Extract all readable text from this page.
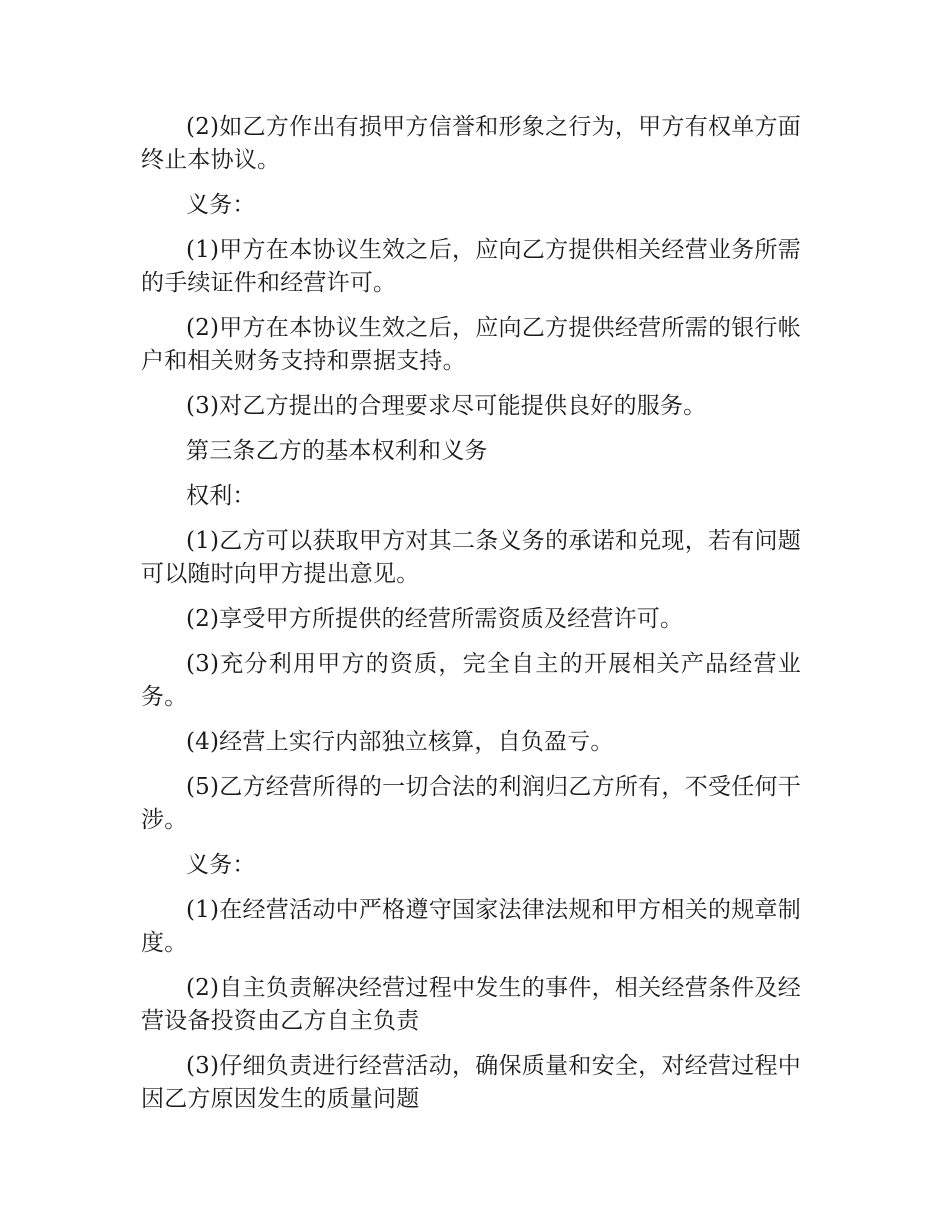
(2)如乙方作出有损甲方信誉和形象之行为，甲方有权单方面终止本协议。

义务：

(1)甲方在本协议生效之后，应向乙方提供相关经营业务所需的手续证件和经营许可。

(2)甲方在本协议生效之后，应向乙方提供经营所需的银行帐户和相关财务支持和票据支持。

(3)对乙方提出的合理要求尽可能提供良好的服务。

第三条乙方的基本权利和义务

权利：

(1)乙方可以获取甲方对其二条义务的承诺和兑现，若有问题可以随时向甲方提出意见。

(2)享受甲方所提供的经营所需资质及经营许可。

(3)充分利用甲方的资质，完全自主的开展相关产品经营业务。

(4)经营上实行内部独立核算，自负盈亏。

(5)乙方经营所得的一切合法的利润归乙方所有，不受任何干涉。

义务：

(1)在经营活动中严格遵守国家法律法规和甲方相关的规章制度。

(2)自主负责解决经营过程中发生的事件，相关经营条件及经营设备投资由乙方自主负责

(3)仔细负责进行经营活动，确保质量和安全，对经营过程中因乙方原因发生的质量问题
